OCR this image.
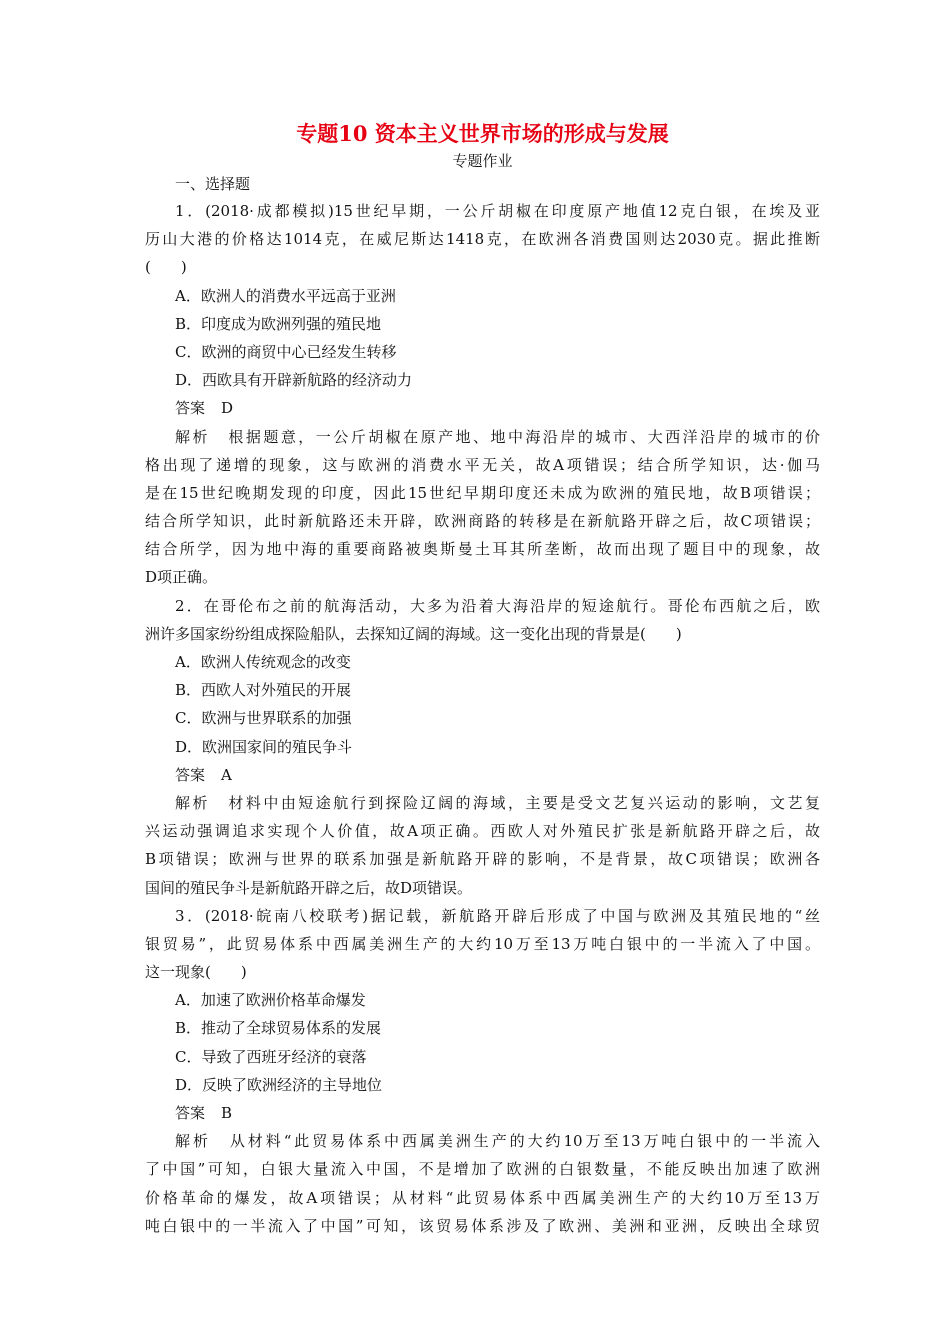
专题10 资本主义世界市场的形成与发展
专题作业
一、选择题
1．(2018·成都模拟)15世纪早期，一公斤胡椒在印度原产地值12克白银，在埃及亚
历山大港的价格达1014克，在威尼斯达1418克，在欧洲各消费国则达2030克。据此推断
(　　)
A．欧洲人的消费水平远高于亚洲
B．印度成为欧洲列强的殖民地
C．欧洲的商贸中心已经发生转移
D．西欧具有开辟新航路的经济动力
答案 D
解析 根据题意，一公斤胡椒在原产地、地中海沿岸的城市、大西洋沿岸的城市的价
格出现了递增的现象，这与欧洲的消费水平无关，故A项错误；结合所学知识，达·伽马
是在15世纪晚期发现的印度，因此15世纪早期印度还未成为欧洲的殖民地，故B项错误；
结合所学知识，此时新航路还未开辟，欧洲商路的转移是在新航路开辟之后，故C项错误；
结合所学，因为地中海的重要商路被奥斯曼土耳其所垄断，故而出现了题目中的现象，故
D项正确。
2．在哥伦布之前的航海活动，大多为沿着大海沿岸的短途航行。哥伦布西航之后，欧
洲许多国家纷纷组成探险船队，去探知辽阔的海域。这一变化出现的背景是(　　)
A．欧洲人传统观念的改变
B．西欧人对外殖民的开展
C．欧洲与世界联系的加强
D．欧洲国家间的殖民争斗
答案 A
解析 材料中由短途航行到探险辽阔的海域，主要是受文艺复兴运动的影响，文艺复
兴运动强调追求实现个人价值，故A项正确。西欧人对外殖民扩张是新航路开辟之后，故
B项错误；欧洲与世界的联系加强是新航路开辟的影响，不是背景，故C项错误；欧洲各
国间的殖民争斗是新航路开辟之后，故D项错误。
3．(2018·皖南八校联考)据记载，新航路开辟后形成了中国与欧洲及其殖民地的“丝
银贸易”，此贸易体系中西属美洲生产的大约10万至13万吨白银中的一半流入了中国。
这一现象(　　)
A．加速了欧洲价格革命爆发
B．推动了全球贸易体系的发展
C．导致了西班牙经济的衰落
D．反映了欧洲经济的主导地位
答案 B
解析 从材料“此贸易体系中西属美洲生产的大约10万至13万吨白银中的一半流入
了中国”可知，白银大量流入中国，不是增加了欧洲的白银数量，不能反映出加速了欧洲
价格革命的爆发，故A项错误；从材料“此贸易体系中西属美洲生产的大约10万至13万
吨白银中的一半流入了中国”可知，该贸易体系涉及了欧洲、美洲和亚洲，反映出全球贸
